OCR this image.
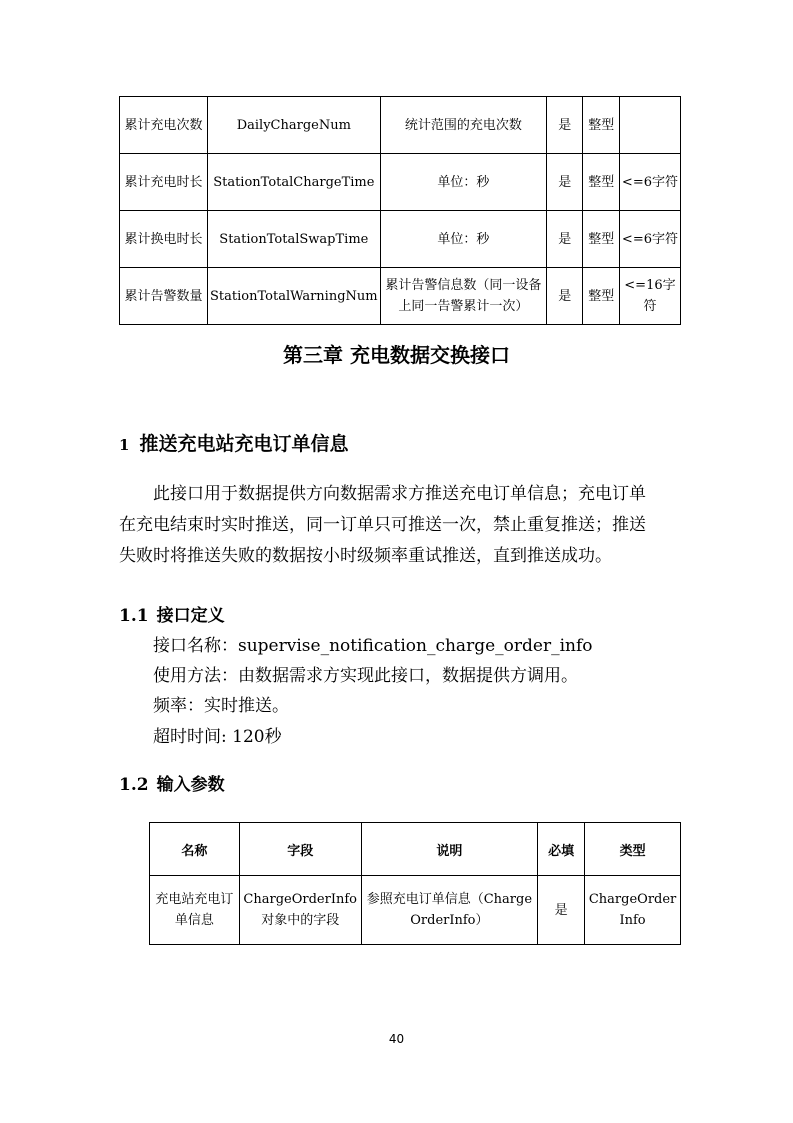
累计充电次数	DailyChargeNum	统计范围的充电次数	是	整型	
累计充电时长	StationTotalChargeTime	单位：秒	是	整型	<=6字符
累计换电时长	StationTotalSwapTime	单位：秒	是	整型	<=6字符
累计告警数量	StationTotalWarningNum	累计告警信息数（同一设备上同一告警累计一次）	是	整型	<=16字符
第三章 充电数据交换接口
1 推送充电站充电订单信息

此接口用于数据提供方向数据需求方推送充电订单信息；充电订单在充电结束时实时推送，同一订单只可推送一次，禁止重复推送；推送失败时将推送失败的数据按小时级频率重试推送，直到推送成功。

1.1 接口定义
接口名称：supervise_notification_charge_order_info
使用方法：由数据需求方实现此接口，数据提供方调用。
频率：实时推送。
超时时间: 120秒
1.2 输入参数
名称	字段	说明	必填	类型
充电站充电订单信息	ChargeOrderInfo对象中的字段	参照充电订单信息（ChargeOrderInfo）	是	ChargeOrderInfo
40
